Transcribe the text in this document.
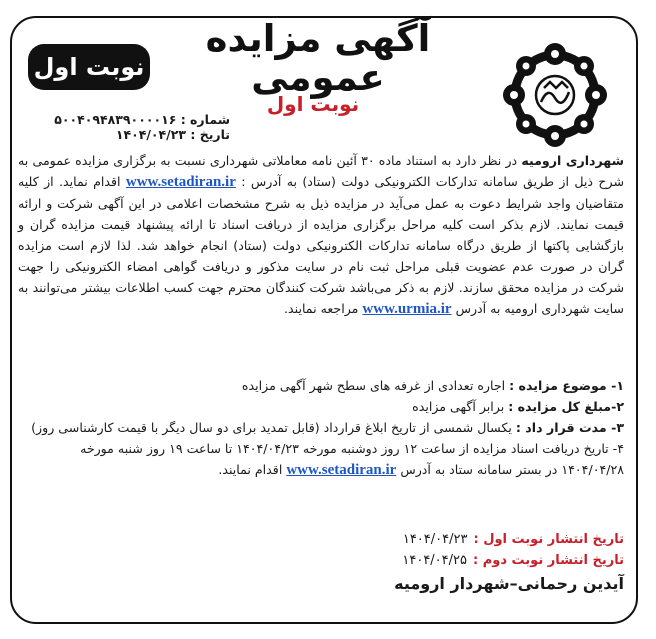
آگهی مزایده عمومی
نوبت اول
نوبت اول
شماره : ۵۰۰۴۰۹۴۸۳۹۰۰۰۰۱۶
تاریخ : ۱۴۰۴/۰۴/۲۳

شهرداری ارومیه در نظر دارد به استناد ماده ۳۰ آئین نامه معاملاتی شهرداری نسبت به برگزاری مزایده عمومی به شرح ذیل از طریق سامانه تدارکات الکترونیکی دولت (ستاد) به آدرس : www.setadiran.ir اقدام نماید. از کلیه متقاضیان واجد شرایط دعوت به عمل می‌آید در مزایده ذیل به شرح مشخصات اعلامی در این آگهی شرکت و ارائه قیمت نمایند. لازم بذکر است کلیه مراحل برگزاری مزایده از دریافت اسناد تا ارائه پیشنهاد قیمت مزایده گران و بازگشایی پاکتها از طریق درگاه سامانه تدارکات الکترونیکی دولت (ستاد) انجام خواهد شد. لذا لازم است مزایده گران در صورت عدم عضویت قبلی مراحل ثبت نام در سایت مذکور و دریافت گواهی امضاء الکترونیکی را جهت شرکت در مزایده محقق سازند. لازم به ذکر می‌باشد شرکت کنندگان محترم جهت کسب اطلاعات بیشتر می‌توانند به سایت شهرداری ارومیه به آدرس www.urmia.ir مراجعه نمایند.
۱- موضوع مزایده : اجاره تعدادی از غرفه های سطح شهر آگهی مزایده
۲-مبلغ کل مزایده : برابر آگهی مزایده
۳- مدت قرار داد : یکسال شمسی از تاریخ ابلاغ قرارداد (قابل تمدید برای دو سال دیگر با قیمت کارشناسی روز)
۴- تاریخ دریافت اسناد مزایده از ساعت ۱۲ روز دوشنبه مورخه ۱۴۰۴/۰۴/۲۳ تا ساعت ۱۹ روز شنبه مورخه ۱۴۰۴/۰۴/۲۸ در بستر سامانه ستاد به آدرس www.setadiran.ir اقدام نمایند.
تاریخ انتشار نوبت اول :۱۴۰۴/۰۴/۲۳
تاریخ انتشار نوبت دوم :۱۴۰۴/۰۴/۲۵
آیدین رحمانی–شهردار ارومیه
